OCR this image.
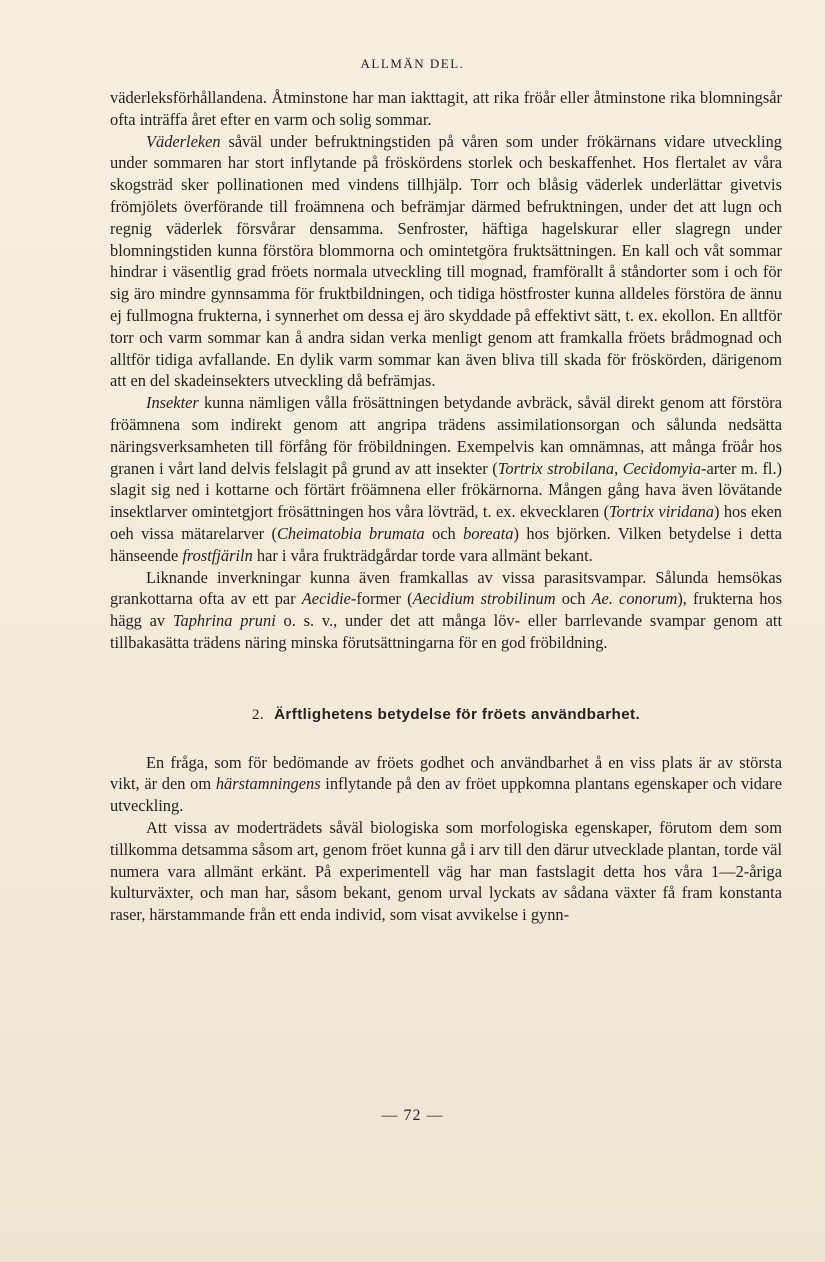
ALLMÄN DEL.

väderleksförhållandena. Åtminstone har man iakttagit, att rika fröår eller åtminstone rika blomningsår ofta inträffa året efter en varm och solig sommar.

Väderleken såväl under befruktningstiden på våren som under frökärnans vidare utveckling under sommaren har stort inflytande på fröskördens storlek och beskaffenhet. Hos flertalet av våra skogsträd sker pollinationen med vindens tillhjälp. Torr och blåsig väderlek underlättar givetvis frömjölets överförande till froämnena och befrämjar därmed befruktningen, under det att lugn och regnig väderlek försvårar densamma. Senfroster, häftiga hagelskurar eller slagregn under blomningstiden kunna förstöra blommorna och omintetgöra fruktsättningen. En kall och våt sommar hindrar i väsentlig grad fröets normala utveckling till mognad, framförallt å ståndorter som i och för sig äro mindre gynnsamma för fruktbildningen, och tidiga höstfroster kunna alldeles förstöra de ännu ej fullmogna frukterna, i synnerhet om dessa ej äro skyddade på effektivt sätt, t. ex. ekollon. En alltför torr och varm sommar kan å andra sidan verka menligt genom att framkalla fröets brådmognad och alltför tidiga avfallande. En dylik varm sommar kan även bliva till skada för fröskörden, därigenom att en del skadeinsekters utveckling då befrämjas.

Insekter kunna nämligen vålla frösättningen betydande avbräck, såväl direkt genom att förstöra fröämnena som indirekt genom att angripa trädens assimilationsorgan och sålunda nedsätta näringsverksamheten till förfång för fröbildningen. Exempelvis kan omnämnas, att många fröår hos granen i vårt land delvis felslagit på grund av att insekter (Tortrix strobilana, Cecidomyia-arter m. fl.) slagit sig ned i kottarne och förtärt fröämnena eller frökärnorna. Mången gång hava även lövätande insektlarver omintetgjort frösättningen hos våra lövträd, t. ex. ekvecklaren (Tortrix viridana) hos eken oeh vissa mätarelarver (Cheimatobia brumata och boreata) hos björken. Vilken betydelse i detta hänseende frostfjäriln har i våra frukträdgårdar torde vara allmänt bekant.

Liknande inverkningar kunna även framkallas av vissa parasitsvampar. Sålunda hemsökas grankottarna ofta av ett par Aecidie-former (Aecidium strobilinum och Ae. conorum), frukterna hos hägg av Taphrina pruni o. s. v., under det att många löv- eller barrlevande svampar genom att tillbakasätta trädens näring minska förutsättningarna för en god fröbildning.

2. Ärftlighetens betydelse för fröets användbarhet.

En fråga, som för bedömande av fröets godhet och användbarhet å en viss plats är av största vikt, är den om härstamningens inflytande på den av fröet uppkomna plantans egenskaper och vidare utveckling.

Att vissa av moderträdets såväl biologiska som morfologiska egenskaper, förutom dem som tillkomma detsamma såsom art, genom fröet kunna gå i arv till den därur utvecklade plantan, torde väl numera vara allmänt erkänt. På experimentell väg har man fastslagit detta hos våra 1—2-åriga kulturväxter, och man har, såsom bekant, genom urval lyckats av sådana växter få fram konstanta raser, härstammande från ett enda individ, som visat avvikelse i gynn-

— 72 —
